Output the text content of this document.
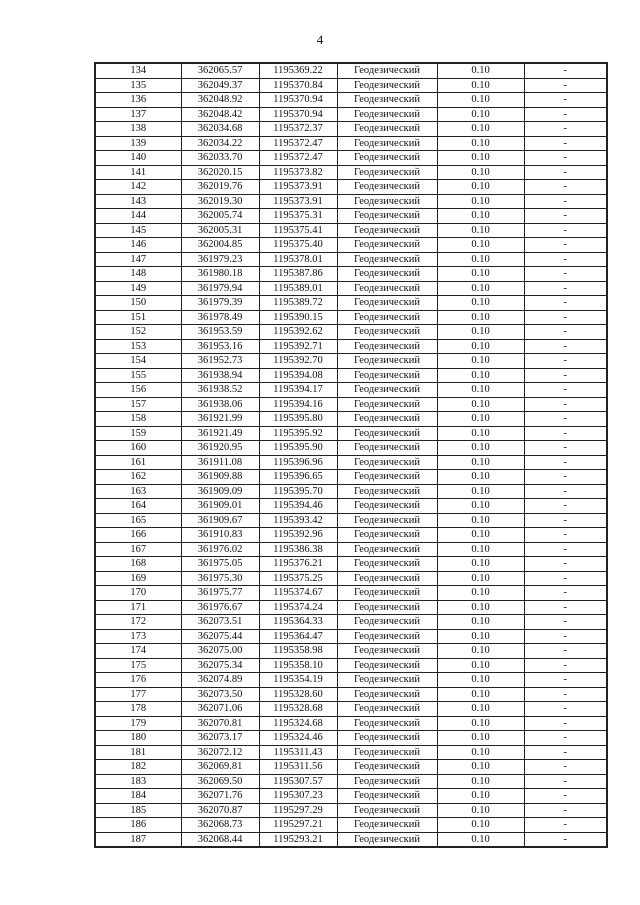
4
134	362065.57	1195369.22	Геодезический	0.10	-
135	362049.37	1195370.84	Геодезический	0.10	-
136	362048.92	1195370.94	Геодезический	0.10	-
137	362048.42	1195370.94	Геодезический	0.10	-
138	362034.68	1195372.37	Геодезический	0.10	-
139	362034.22	1195372.47	Геодезический	0.10	-
140	362033.70	1195372.47	Геодезический	0.10	-
141	362020.15	1195373.82	Геодезический	0.10	-
142	362019.76	1195373.91	Геодезический	0.10	-
143	362019.30	1195373.91	Геодезический	0.10	-
144	362005.74	1195375.31	Геодезический	0.10	-
145	362005.31	1195375.41	Геодезический	0.10	-
146	362004.85	1195375.40	Геодезический	0.10	-
147	361979.23	1195378.01	Геодезический	0.10	-
148	361980.18	1195387.86	Геодезический	0.10	-
149	361979.94	1195389.01	Геодезический	0.10	-
150	361979.39	1195389.72	Геодезический	0.10	-
151	361978.49	1195390.15	Геодезический	0.10	-
152	361953.59	1195392.62	Геодезический	0.10	-
153	361953.16	1195392.71	Геодезический	0.10	-
154	361952.73	1195392.70	Геодезический	0.10	-
155	361938.94	1195394.08	Геодезический	0.10	-
156	361938.52	1195394.17	Геодезический	0.10	-
157	361938.06	1195394.16	Геодезический	0.10	-
158	361921.99	1195395.80	Геодезический	0.10	-
159	361921.49	1195395.92	Геодезический	0.10	-
160	361920.95	1195395.90	Геодезический	0.10	-
161	361911.08	1195396.96	Геодезический	0.10	-
162	361909.88	1195396.65	Геодезический	0.10	-
163	361909.09	1195395.70	Геодезический	0.10	-
164	361909.01	1195394.46	Геодезический	0.10	-
165	361909.67	1195393.42	Геодезический	0.10	-
166	361910.83	1195392.96	Геодезический	0.10	-
167	361976.02	1195386.38	Геодезический	0.10	-
168	361975.05	1195376.21	Геодезический	0.10	-
169	361975.30	1195375.25	Геодезический	0.10	-
170	361975.77	1195374.67	Геодезический	0.10	-
171	361976.67	1195374.24	Геодезический	0.10	-
172	362073.51	1195364.33	Геодезический	0.10	-
173	362075.44	1195364.47	Геодезический	0.10	-
174	362075.00	1195358.98	Геодезический	0.10	-
175	362075.34	1195358.10	Геодезический	0.10	-
176	362074.89	1195354.19	Геодезический	0.10	-
177	362073.50	1195328.60	Геодезический	0.10	-
178	362071.06	1195328.68	Геодезический	0.10	-
179	362070.81	1195324.68	Геодезический	0.10	-
180	362073.17	1195324.46	Геодезический	0.10	-
181	362072.12	1195311.43	Геодезический	0.10	-
182	362069.81	1195311.56	Геодезический	0.10	-
183	362069.50	1195307.57	Геодезический	0.10	-
184	362071.76	1195307.23	Геодезический	0.10	-
185	362070.87	1195297.29	Геодезический	0.10	-
186	362068.73	1195297.21	Геодезический	0.10	-
187	362068.44	1195293.21	Геодезический	0.10	-
